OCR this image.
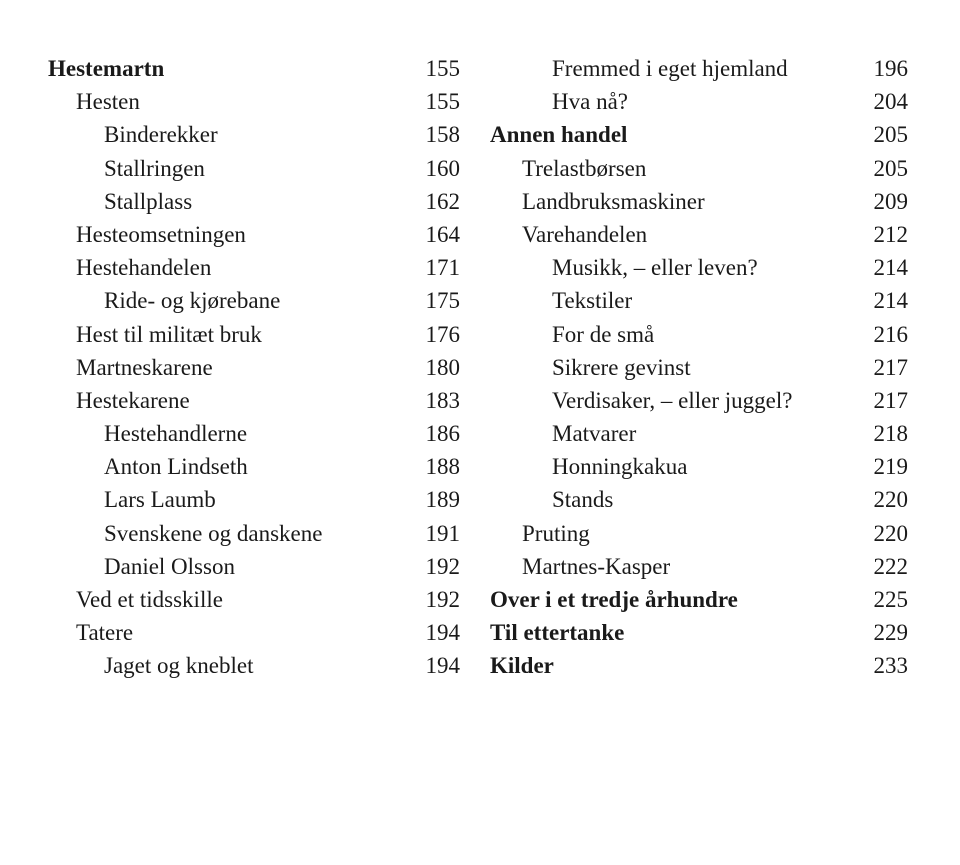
Hestemartn	155
Hesten	155
Binderekker	158
Stallringen	160
Stallplass	162
Hesteomsetningen	164
Hestehandelen	171
Ride- og kjørebane	175
Hest til militæt bruk	176
Martneskarene	180
Hestekarene	183
Hestehandlerne	186
Anton Lindseth	188
Lars Laumb	189
Svenskene og danskene	191
Daniel Olsson	192
Ved et tidsskille	192
Tatere	194
Jaget og kneblet	194
Fremmed i eget hjemland	196
Hva nå?	204
Annen handel	205
Trelastbørsen	205
Landbruksmaskiner	209
Varehandelen	212
Musikk, – eller leven?	214
Tekstiler	214
For de små	216
Sikrere gevinst	217
Verdisaker, – eller juggel?	217
Matvarer	218
Honningkakua	219
Stands	220
Pruting	220
Martnes-Kasper	222
Over i et tredje århundre	225
Til ettertanke	229
Kilder	233
